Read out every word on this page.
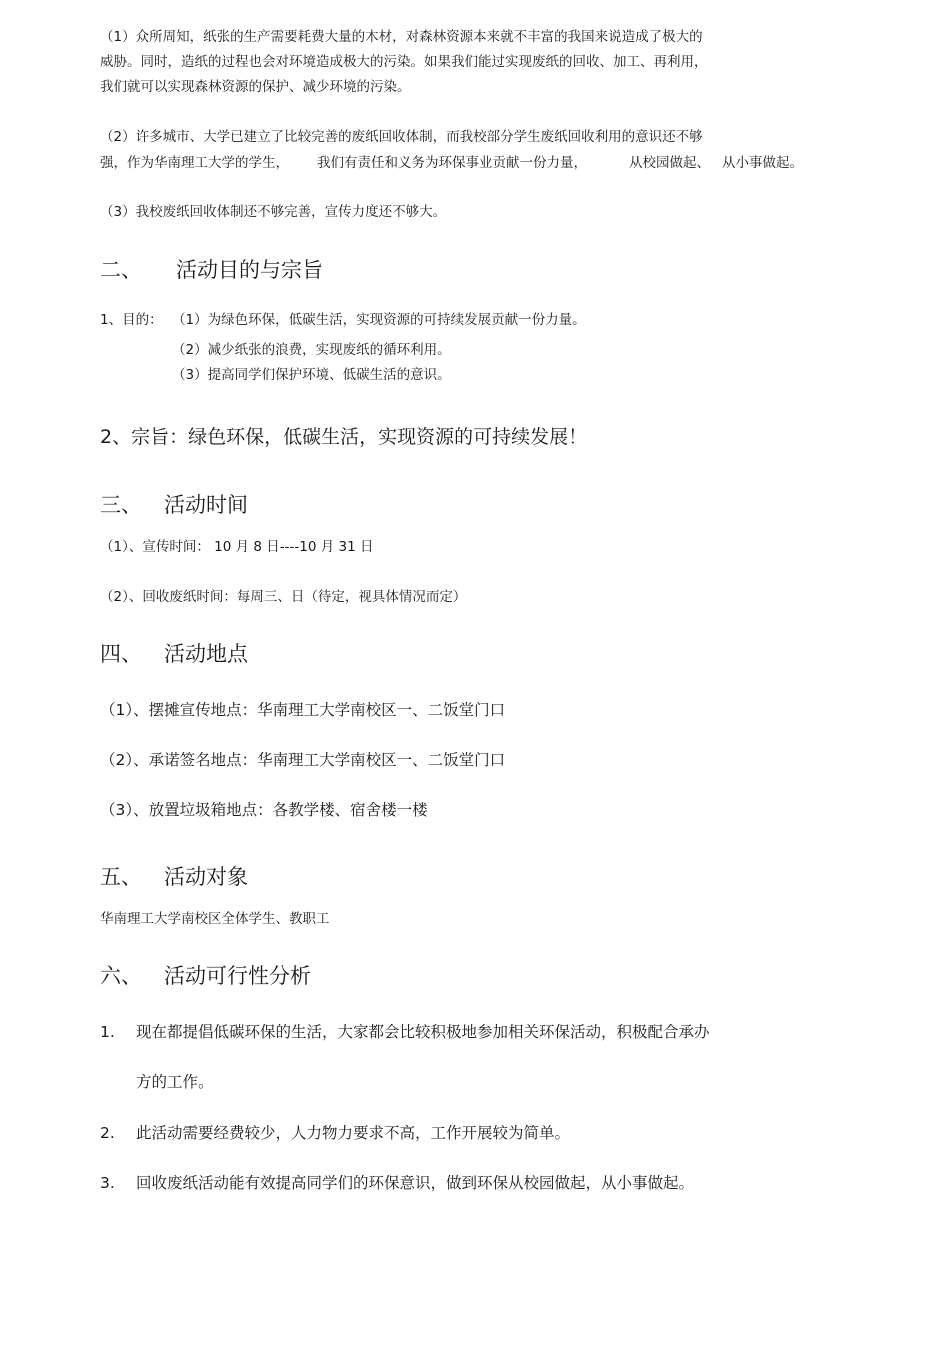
（1）众所周知，纸张的生产需要耗费大量的木材，对森林资源本来就不丰富的我国来说造成了极大的
威胁。同时，造纸的过程也会对环境造成极大的污染。如果我们能过实现废纸的回收、加工、再利用，
我们就可以实现森林资源的保护、减少环境的污染。
（2）许多城市、大学已建立了比较完善的废纸回收体制，而我校部分学生废纸回收利用的意识还不够
强，作为华南理工大学的学生， 我们有责任和义务为环保事业贡献一份力量，	从校园做起、 从小事做起。
（3）我校废纸回收体制还不够完善，宣传力度还不够大。
二、 活动目的与宗旨
1、目的： （1）为绿色环保，低碳生活，实现资源的可持续发展贡献一份力量。
（2）减少纸张的浪费，实现废纸的循环利用。
（3）提高同学们保护环境、低碳生活的意识。
2、宗旨：绿色环保，低碳生活，实现资源的可持续发展！
三、 活动时间
（1）、宣传时间： 10 月 8 日----10 月 31 日
（2）、回收废纸时间：每周三、日（待定，视具体情况而定）
四、 活动地点
（1）、摆摊宣传地点：华南理工大学南校区一、二饭堂门口
（2）、承诺签名地点：华南理工大学南校区一、二饭堂门口
（3）、放置垃圾箱地点：各教学楼、宿舍楼一楼
五、 活动对象
华南理工大学南校区全体学生、教职工
六、 活动可行性分析
1. 现在都提倡低碳环保的生活，大家都会比较积极地参加相关环保活动，积极配合承办
方的工作。
2. 此活动需要经费较少，人力物力要求不高，工作开展较为简单。
3. 回收废纸活动能有效提高同学们的环保意识，做到环保从校园做起，从小事做起。
